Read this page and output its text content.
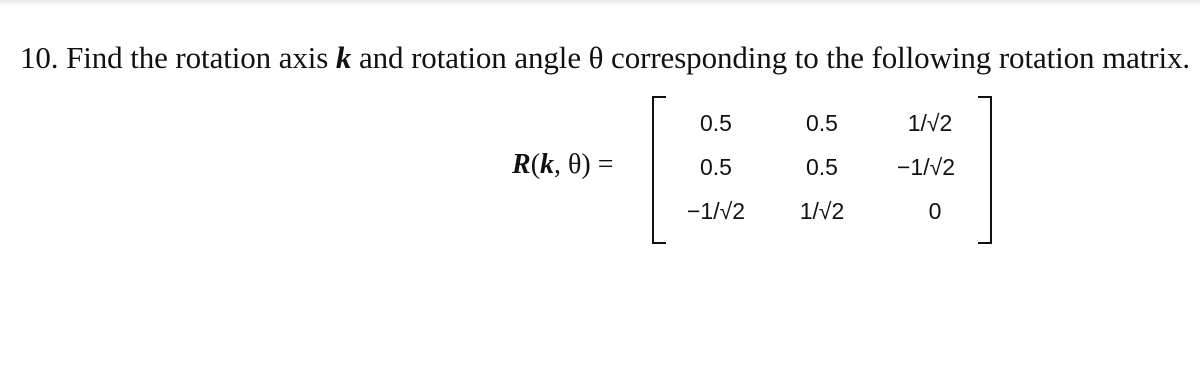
10. Find the rotation axis k and rotation angle θ corresponding to the following rotation matrix.
R(k, θ) =
0.5	0.5	1/√2
0.5	0.5	−1/√2
−1/√2	1/√2	0
